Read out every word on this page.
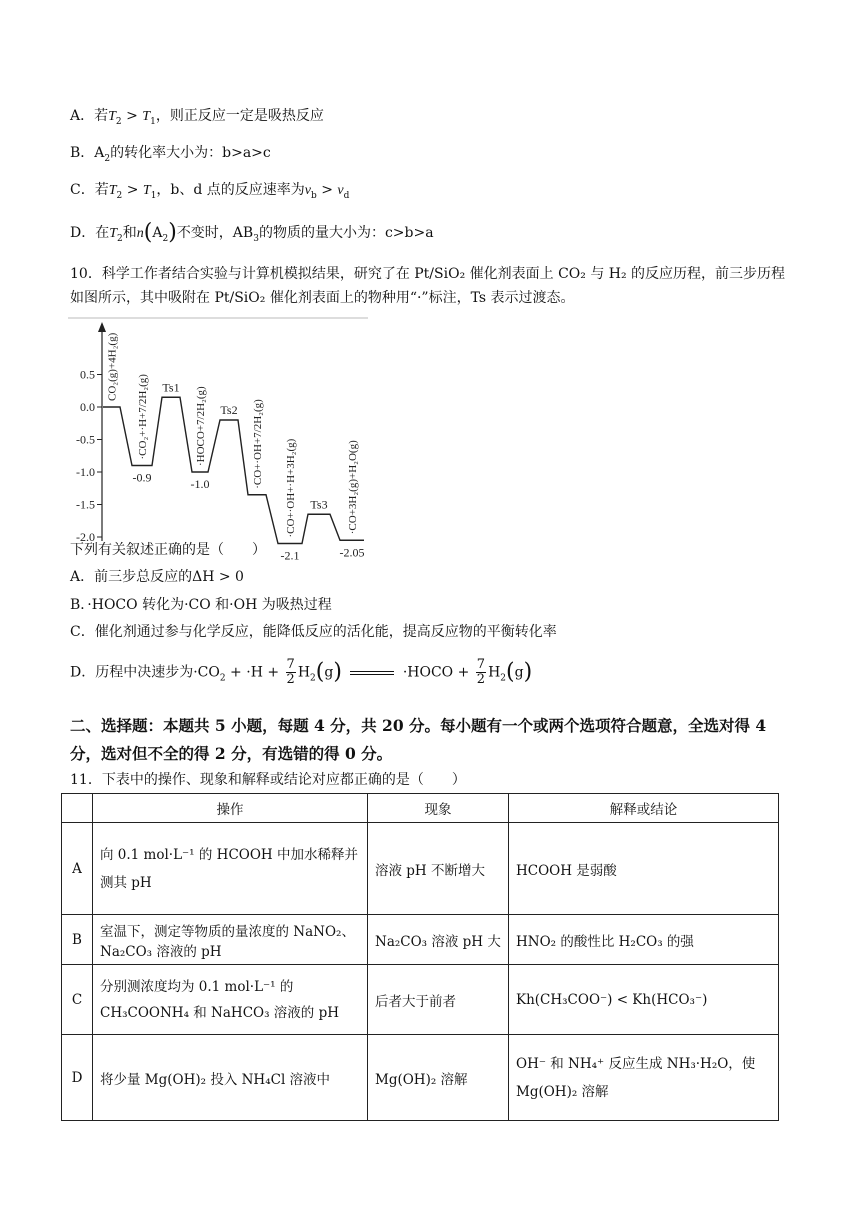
A．若$T_2 > T_1$，则正反应一定是吸热反应
B．$A_2$的转化率大小为：b>a>c
C．若$T_2 > T_1$，b、d 点的反应速率为$v_b > v_d$
D．在$T_2$和$n(A_2)$不变时，$AB_3$的物质的量大小为：c>b>a
10．科学工作者结合实验与计算机模拟结果，研究了在 Pt/SiO₂ 催化剂表面上 CO₂ 与 H₂ 的反应历程，前三步历程如图所示，其中吸附在 Pt/SiO₂ 催化剂表面上的物种用“·”标注，Ts 表示过渡态。
0.5
0.0
-0.5
-1.0
-1.5
-2.0
CO₂(g)+4H₂(g)
·CO₂+·H+7/2H₂(g) Ts1 ·HOCO+7/2H₂(g) Ts2 ·CO+·OH+7/2H₂(g) ·CO+·OH+·H+3H₂(g) Ts3 ·CO+3H₂(g)+H₂O(g)
-0.9	-1.0
-2.1	-2.05
下列有关叙述正确的是（　　）
A．前三步总反应的ΔH > 0
B．·HOCO 转化为·CO 和·OH 为吸热过程
C．催化剂通过参与化学反应，能降低反应的活化能，提高反应物的平衡转化率
D．历程中决速步为$\cdot CO_2 + \cdot H + \frac{7}{2} H_2(g)$	·HOCO + $\frac{7}{2} H_2(g)$
二、选择题：本题共 5 小题，每题 4 分，共 20 分。每小题有一个或两个选项符合题意，全选对得 4 分，选对但不全的得 2 分，有选错的得 0 分。
11．下表中的操作、现象和解释或结论对应都正确的是（　　）
	操作	现象	解释或结论
A	向 0.1 mol·L⁻¹ 的 HCOOH 中加水稀释并测其 pH	溶液 pH 不断增大	HCOOH 是弱酸
B	室温下，测定等物质的量浓度的 NaNO₂、Na₂CO₃ 溶液的 pH	Na₂CO₃ 溶液 pH 大	HNO₂ 的酸性比 H₂CO₃ 的强
C	分别测浓度均为 0.1 mol·L⁻¹ 的 CH₃COONH₄ 和 NaHCO₃ 溶液的 pH	后者大于前者	Kh(CH₃COO⁻) < Kh(HCO₃⁻)
D	将少量 Mg(OH)₂ 投入 NH₄Cl 溶液中	Mg(OH)₂ 溶解	OH⁻ 和 NH₄⁺ 反应生成 NH₃·H₂O，使 Mg(OH)₂ 溶解
